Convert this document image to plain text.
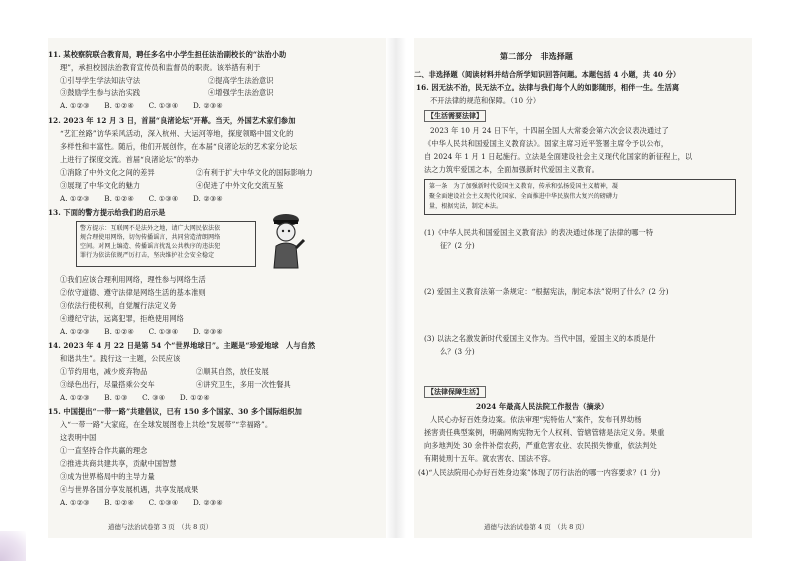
11. 某校察院联合教育局，聘任多名中小学生担任法治副校长的“法治小助
理”，承担校园法治教育宣传员和监督员的职责。该举措有利于
①引导学生学法知法守法	②提高学生法治意识
③鼓励学生参与法治实践	④增强学生法治意识
A. ①②③　　B. ①②④　　C. ①③④　　D. ②③④
12. 2023 年 12 月 3 日，首届“良渚论坛”开幕。当天，外国艺术家们参加
“艺汇丝路”访华采风活动，深入杭州、大运河等地，探度领略中国文化的
多样性和丰富性。随后，他们开展创作，在本届“良渚论坛的艺术家分论坛
上进行了探度交流。首届“良渚论坛”的举办
①消除了中外文化之间的差异	②有利于扩大中华文化的国际影响力
③展现了中华文化的魅力	④促进了中外文化交流互鉴
A. ①②③　　B. ①②④　　C. ①③④　　D. ②③④
13. 下面的警方提示给我们的启示是
警方提示：互联网不是法外之地，请广大网民依法依
规合理使用网络，切勿传播谣言，共同营造清朗网络
空间。对网上编造、传播谣言扰乱公共秩序的违法犯
罪行为依法依规严厉打击，坚决维护社会安全稳定
①我们应该合理利用网络，理性参与网络生活
②依守道德、遵守法律是网络生活的基本准则
③依法行使权利，自觉履行法定义务
④遵纪守法，远离犯罪，拒绝使用网络
A. ①②③　　B. ①②④　　C. ①③④　　D. ②③④
14. 2023 年 4 月 22 日是第 54 个“世界地球日”。主题是“珍爱地球　人与自然
和谐共生”。践行这一主题，公民应该
①节约用电，减少废弃物品	②顺其自然，放任发展
③绿色出行，尽量搭乘公交车	④讲究卫生，多用一次性餐具
A. ①②③　　B. ①③　　C. ③④　　D. ①②④
15. 中国提出“一带一路”共建倡议，已有 150 多个国家、30 多个国际组织加
入“一带一路”大家庭，在全球发展图卷上共绘“发展带”“幸福路”。
这表明中国
①一直坚持合作共赢的理念
②推进共商共建共享，贡献中国智慧
③成为世界格局中的主导力量
④与世界各国分享发展机遇，共享发展成果
A. ①②③　　B. ①②④　　C. ①③④　　D. ②③④
道德与法治试卷第 3 页　（共 8 页）
第二部分　非选择题
二、非选择题（阅读材料并结合所学知识回答问题。本题包括 4 小题，共 40 分）
16. 因无法不治，民无法不立。法律与我们每个人的如影随形，相伴一生。生活离
不开法律的规范和保障。（10 分）
【生活需要法律】
2023 年 10 月 24 日下午，十四届全国人大常委会第六次会议表决通过了
《中华人民共和国爱国主义教育法》。国家主席习近平签署主席令予以公布，
自 2024 年 1 月 1 日起施行。立法是全面建设社会主义现代化国家的新征程上，以
法之力筑牢爱国之本，全面加强新时代爱国主义教育。
第一条　为了加强新时代爱国主义教育，传承和弘扬爱国主义精神，凝
聚全面建设社会主义现代化国家、全面推进中华民族伟大复兴的磅礴力
量，根据宪法，制定本法。
(1)《中华人民共和国爱国主义教育法》的表决通过体现了法律的哪一特
征？(2 分)
(2) 爱国主义教育法第一条规定：“根据宪法，制定本法”说明了什么？(2 分)
(3) 以法之名激发新时代爱国主义作为。当代中国，爱国主义的本质是什
么？(3 分)
【法律保障生活】
2024 年最高人民法院工作报告（摘录）
人民心办好百姓身边案。依法审理“宪特佑人”案件，发布刊界幼杨
拯害责任典型案例，明确网购宪物无个人权利、管辖管辖是法定义务。果重
向多地判处 30 余件补偿农药，严重危害农业、农民损失惨重，依法判处
有期徒刑十五年。就农害农、国法不容。
(4)“人民法院用心办好百姓身边案”体现了厉行法治的哪一内容要求？(1 分)
道德与法治试卷第 4 页　（共 8 页）
